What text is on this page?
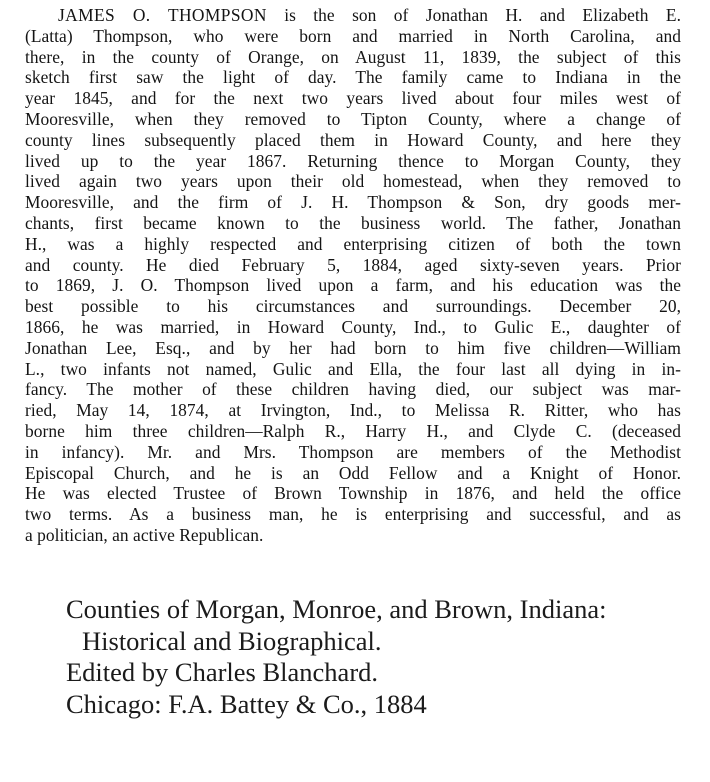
JAMES O. THOMPSON is the son of Jonathan H. and Elizabeth E.
(Latta) Thompson, who were born and married in North Carolina, and
there, in the county of Orange, on August 11, 1839, the subject of this
sketch first saw the light of day. The family came to Indiana in the
year 1845, and for the next two years lived about four miles west of
Mooresville, when they removed to Tipton County, where a change of
county lines subsequently placed them in Howard County, and here they
lived up to the year 1867. Returning thence to Morgan County, they
lived again two years upon their old homestead, when they removed to
Mooresville, and the firm of J. H. Thompson & Son, dry goods mer-
chants, first became known to the business world. The father, Jonathan
H., was a highly respected and enterprising citizen of both the town
and county. He died February 5, 1884, aged sixty-seven years. Prior
to 1869, J. O. Thompson lived upon a farm, and his education was the
best possible to his circumstances and surroundings. December 20,
1866, he was married, in Howard County, Ind., to Gulic E., daughter of
Jonathan Lee, Esq., and by her had born to him five children—William
L., two infants not named, Gulic and Ella, the four last all dying in in-
fancy. The mother of these children having died, our subject was mar-
ried, May 14, 1874, at Irvington, Ind., to Melissa R. Ritter, who has
borne him three children—Ralph R., Harry H., and Clyde C. (deceased
in infancy). Mr. and Mrs. Thompson are members of the Methodist
Episcopal Church, and he is an Odd Fellow and a Knight of Honor.
He was elected Trustee of Brown Township in 1876, and held the office
two terms. As a business man, he is enterprising and successful, and as
a politician, an active Republican.
Counties of Morgan, Monroe, and Brown, Indiana:
Historical and Biographical.
Edited by Charles Blanchard.
Chicago: F.A. Battey & Co., 1884
